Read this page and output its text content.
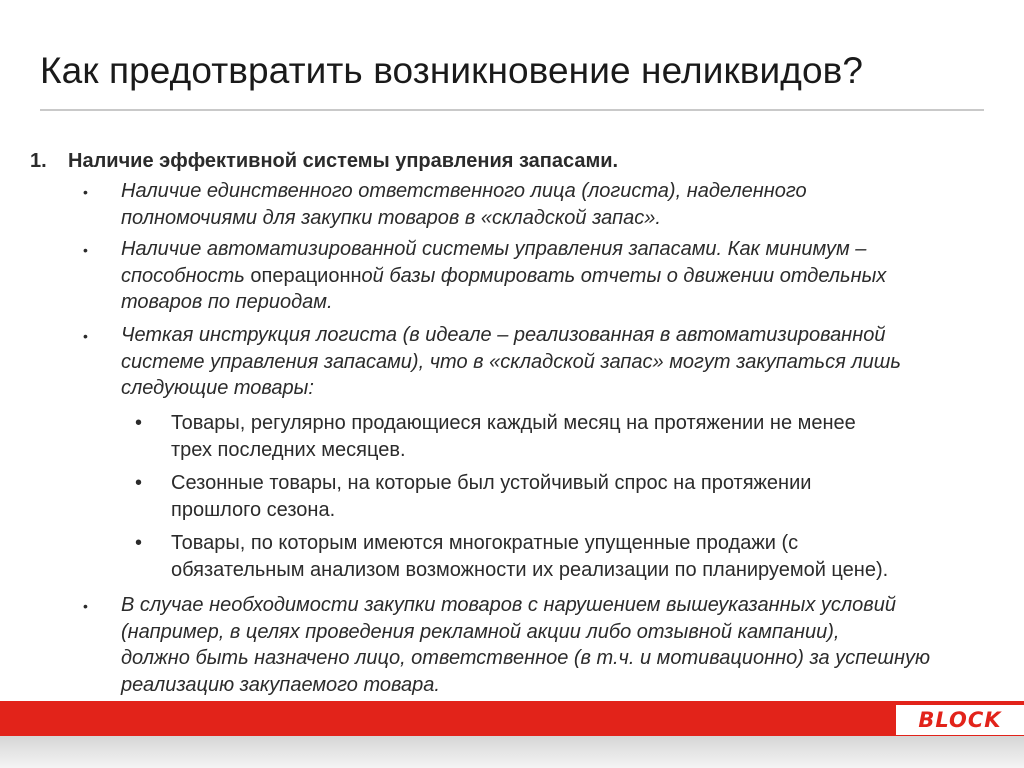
Как предотвратить возникновение неликвидов?
1. Наличие эффективной системы управления запасами.
• Наличие единственного ответственного лица (логиста), наделенного
полномочиями для закупки товаров в «складской запас».
• Наличие автоматизированной системы управления запасами. Как минимум –
способность операционной базы формировать отчеты о движении отдельных
товаров по периодам.
• Четкая инструкция логиста (в идеале – реализованная в автоматизированной
системе управления запасами), что в «складской запас» могут закупаться лишь
следующие товары:
• Товары, регулярно продающиеся каждый месяц на протяжении не менее
трех последних месяцев.
• Сезонные товары, на которые был устойчивый спрос на протяжении
прошлого сезона.
• Товары, по которым имеются многократные упущенные продажи (с
обязательным анализом возможности их реализации по планируемой цене).
• В случае необходимости закупки товаров с нарушением вышеуказанных условий
(например, в целях проведения рекламной акции либо отзывной кампании),
должно быть назначено лицо, ответственное (в т.ч. и мотивационно) за успешную
реализацию закупаемого товара.
BLOCK
